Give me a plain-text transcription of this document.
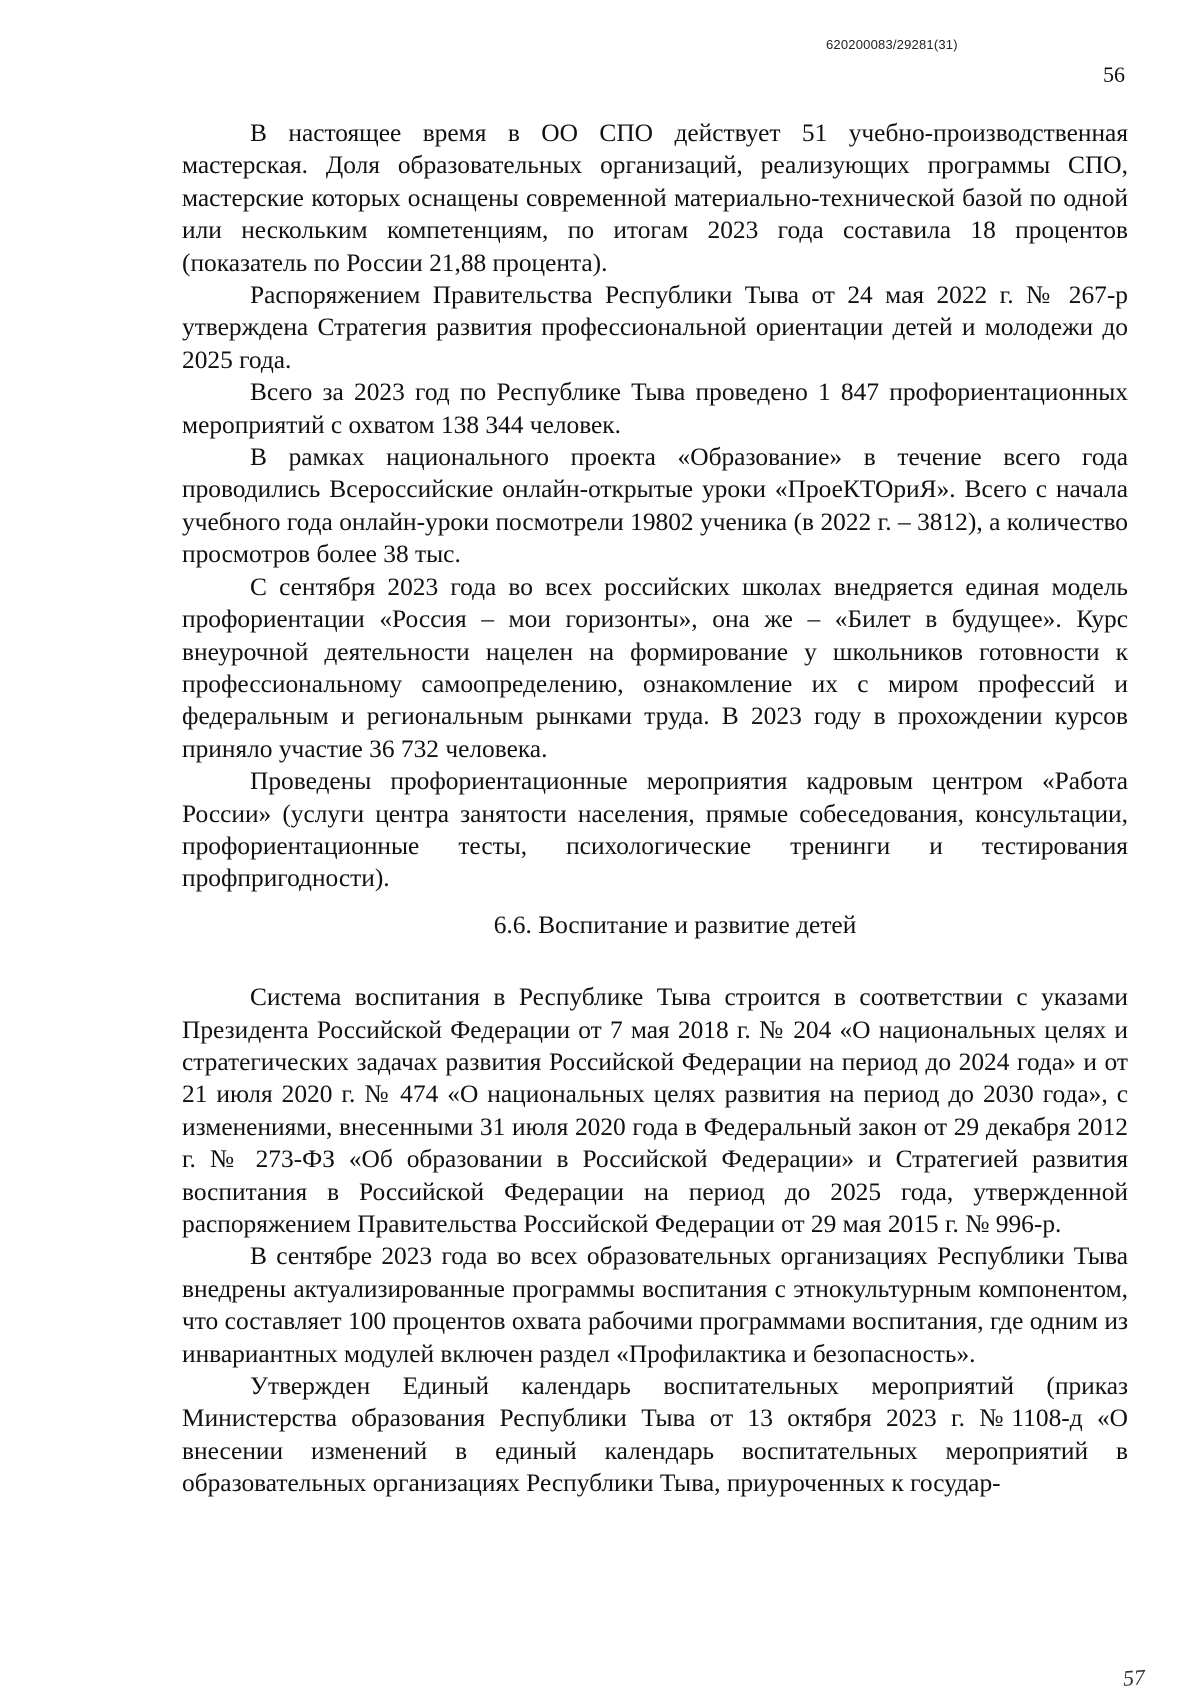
620200083/29281(31)
56

В настоящее время в ОО СПО действует 51 учебно-производственная мастерская. Доля образовательных организаций, реализующих программы СПО, мастерские которых оснащены современной материально-технической базой по одной или нескольким компетенциям, по итогам 2023 года составила 18 процентов (показатель по России 21,88 процента).

Распоряжением Правительства Республики Тыва от 24 мая 2022 г. № 267-р утверждена Стратегия развития профессиональной ориентации детей и молодежи до 2025 года.

Всего за 2023 год по Республике Тыва проведено 1 847 профориентационных мероприятий с охватом 138 344 человек.

В рамках национального проекта «Образование» в течение всего года проводились Всероссийские онлайн-открытые уроки «ПроеКТОриЯ». Всего с начала учебного года онлайн-уроки посмотрели 19802 ученика (в 2022 г. – 3812), а количество просмотров более 38 тыс.

С сентября 2023 года во всех российских школах внедряется единая модель профориентации «Россия – мои горизонты», она же – «Билет в будущее». Курс внеурочной деятельности нацелен на формирование у школьников готовности к профессиональному самоопределению, ознакомление их с миром профессий и федеральным и региональным рынками труда. В 2023 году в прохождении курсов приняло участие 36 732 человека.

Проведены профориентационные мероприятия кадровым центром «Работа России» (услуги центра занятости населения, прямые собеседования, консультации, профориентационные тесты, психологические тренинги и тестирования профпригодности).

6.6. Воспитание и развитие детей

Система воспитания в Республике Тыва строится в соответствии с указами Президента Российской Федерации от 7 мая 2018 г. № 204 «О национальных целях и стратегических задачах развития Российской Федерации на период до 2024 года» и от 21 июля 2020 г. № 474 «О национальных целях развития на период до 2030 года», с изменениями, внесенными 31 июля 2020 года в Федеральный закон от 29 декабря 2012 г. № 273-ФЗ «Об образовании в Российской Федерации» и Стратегией развития воспитания в Российской Федерации на период до 2025 года, утвержденной распоряжением Правительства Российской Федерации от 29 мая 2015 г. № 996-р.

В сентябре 2023 года во всех образовательных организациях Республики Тыва внедрены актуализированные программы воспитания с этнокультурным компонентом, что составляет 100 процентов охвата рабочими программами воспитания, где одним из инвариантных модулей включен раздел «Профилактика и безопасность».

Утвержден Единый календарь воспитательных мероприятий (приказ Министерства образования Республики Тыва от 13 октября 2023 г. №1108-д «О внесении изменений в единый календарь воспитательных мероприятий в образовательных организациях Республики Тыва, приуроченных к государ-

57
